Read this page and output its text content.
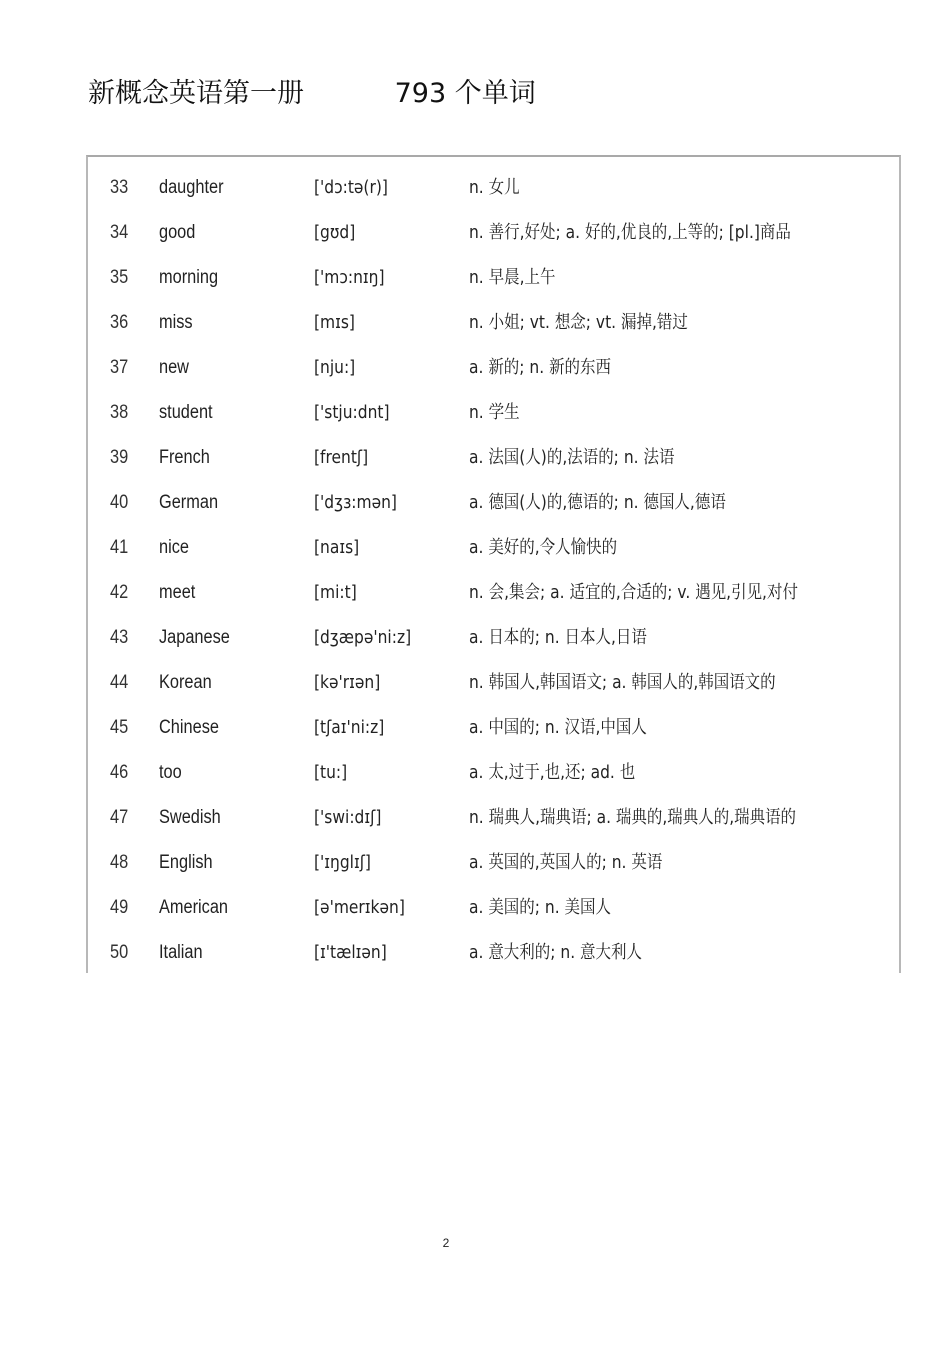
新概念英语第一册	793 个单词
33 daughter	['dɔ:tə(r)]	n. 女儿
34 good	[gʊd]	n. 善行,好处; a. 好的,优良的,上等的; [pl.]商品
35 morning	['mɔ:nɪŋ]	n. 早晨,上午
36 miss	[mɪs]	n. 小姐; vt. 想念; vt. 漏掉,错过
37 new	[nju:]	a. 新的; n. 新的东西
38 student	['stju:dnt]	n. 学生
39 French	[frentʃ]	a. 法国(人)的,法语的; n. 法语
40 German	['dʒɜ:mən]	a. 德国(人)的,德语的; n. 德国人,德语
41 nice	[naɪs]	a. 美好的,令人愉快的
42 meet	[mi:t]	n. 会,集会; a. 适宜的,合适的; v. 遇见,引见,对付
43 Japanese	[dʒæpə'ni:z]	a. 日本的; n. 日本人,日语
44 Korean	[kə'rɪən]	n. 韩国人,韩国语文; a. 韩国人的,韩国语文的
45 Chinese	[tʃaɪ'ni:z]	a. 中国的; n. 汉语,中国人
46 too	[tu:]	a. 太,过于,也,还; ad. 也
47 Swedish	['swi:dɪʃ]	n. 瑞典人,瑞典语; a. 瑞典的,瑞典人的,瑞典语的
48 English	['ɪŋglɪʃ]	a. 英国的,英国人的; n. 英语
49 American	[ə'merɪkən]	a. 美国的; n. 美国人
50 Italian	[ɪ'tælɪən]	a. 意大利的; n. 意大利人
2
